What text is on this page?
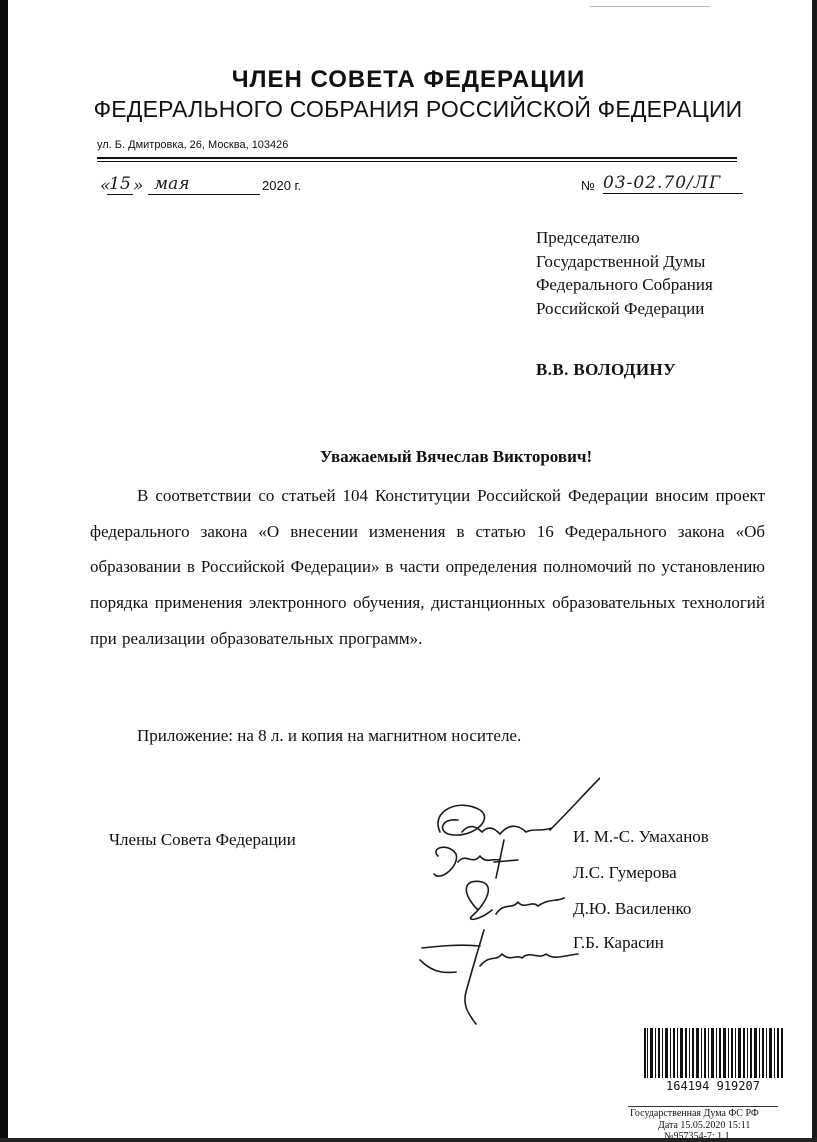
ЧЛЕН СОВЕТА ФЕДЕРАЦИИ
ФЕДЕРАЛЬНОГО СОБРАНИЯ РОССИЙСКОЙ ФЕДЕРАЦИИ
ул. Б. Дмитровка, 26, Москва, 103426
«
15 » мая	2020 г.	№ 03-02.70/ЛГ
Председателю
Государственной Думы
Федерального Собрания
Российской Федерации
В.В. ВОЛОДИНУ
Уважаемый Вячеслав Викторович!
В соответствии со статьей 104 Конституции Российской Федерации вносим проект федерального закона «О внесении изменения в статью 16 Федерального закона «Об образовании в Российской Федерации» в части определения полномочий по установлению порядка применения электронного обучения, дистанционных образовательных технологий при реализации образовательных программ».
Приложение: на 8 л. и копия на магнитном носителе.
Члены Совета Федерации	И. М.-С. Умаханов
Л.С. Гумерова
Д.Ю. Василенко
Г.Б. Карасин
164194 919207
Государственная Дума ФС РФ
Дата 15.05.2020 15:11
№957354-7; 1.1
